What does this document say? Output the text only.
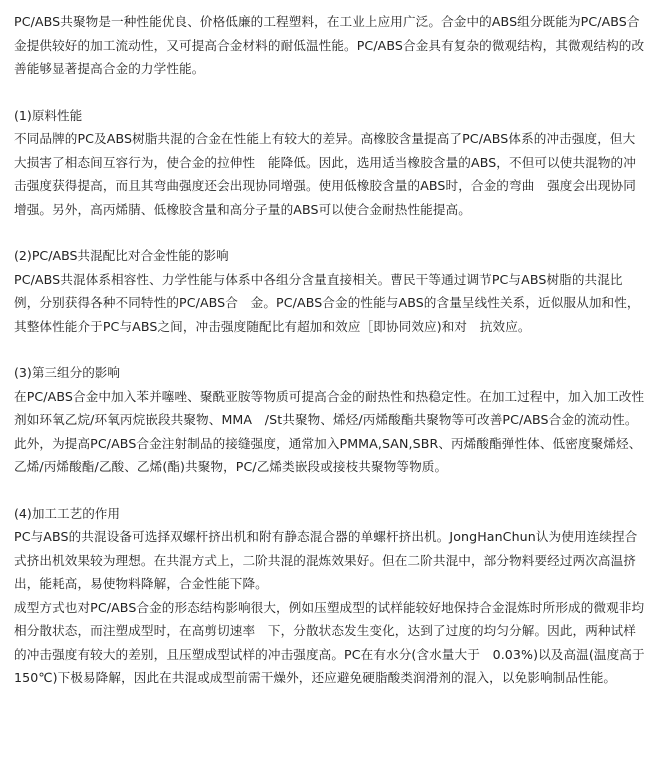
PC/ABS共聚物是一种性能优良、价格低廉的工程塑料，在工业上应用广泛。合金中的ABS组分既能为PC/ABS合金提供较好的加工流动性，又可提高合金材料的耐低温性能。PC/ABS合金具有复杂的微观结构，其微观结构的改善能够显著提高合金的力学性能。

(1)原料性能

不同品牌的PC及ABS树脂共混的合金在性能上有较大的差异。高橡胶含量提高了PC/ABS体系的冲击强度，但大大损害了相态间互容行为，使合金的拉伸性　能降低。因此，选用适当橡胶含量的ABS，不但可以使共混物的冲击强度获得提高，而且其弯曲强度还会出现协同增强。使用低橡胶含量的ABS时，合金的弯曲　强度会出现协同增强。另外，高丙烯腈、低橡胶含量和高分子量的ABS可以使合金耐热性能提高。

(2)PC/ABS共混配比对合金性能的影响

PC/ABS共混体系相容性、力学性能与体系中各组分含量直接相关。曹民干等通过调节PC与ABS树脂的共混比例，分别获得各种不同特性的PC/ABS合　金。PC/ABS合金的性能与ABS的含量呈线性关系，近似服从加和性，其整体性能介于PC与ABS之间，冲击强度随配比有超加和效应［即协同效应)和对　抗效应。

(3)第三组分的影响

在PC/ABS合金中加入苯并噻唑、聚酰亚胺等物质可提高合金的耐热性和热稳定性。在加工过程中，加入加工改性剂如环氧乙烷/环氧丙烷嵌段共聚物、MMA　/St共聚物、烯烃/丙烯酸酯共聚物等可改善PC/ABS合金的流动性。此外，为提高PC/ABS合金注射制品的接缝强度，通常加入PMMA,SAN,SBR、丙烯酸酯弹性体、低密度聚烯烃、乙烯/丙烯酸酯/乙酸、乙烯(酯)共聚物，PC/乙烯类嵌段或接枝共聚物等物质。

(4)加工工艺的作用

PC与ABS的共混设备可选择双螺杆挤出机和附有静态混合器的单螺杆挤出机。JongHanChun认为使用连续捏合式挤出机效果较为理想。在共混方式上，二阶共混的混炼效果好。但在二阶共混中，部分物料要经过两次高温挤出，能耗高，易使物料降解，合金性能下降。

成型方式也对PC/ABS合金的形态结构影响很大，例如压塑成型的试样能较好地保持合金混炼时所形成的微观非均相分散状态，而注塑成型时，在高剪切速率　下，分散状态发生变化，达到了过度的均匀分解。因此，两种试样的冲击强度有较大的差别，且压塑成型试样的冲击强度高。PC在有水分(含水量大于　0.03%)以及高温(温度高于150℃)下极易降解，因此在共混或成型前需干燥外，还应避免硬脂酸类润滑剂的混入，以免影响制品性能。
